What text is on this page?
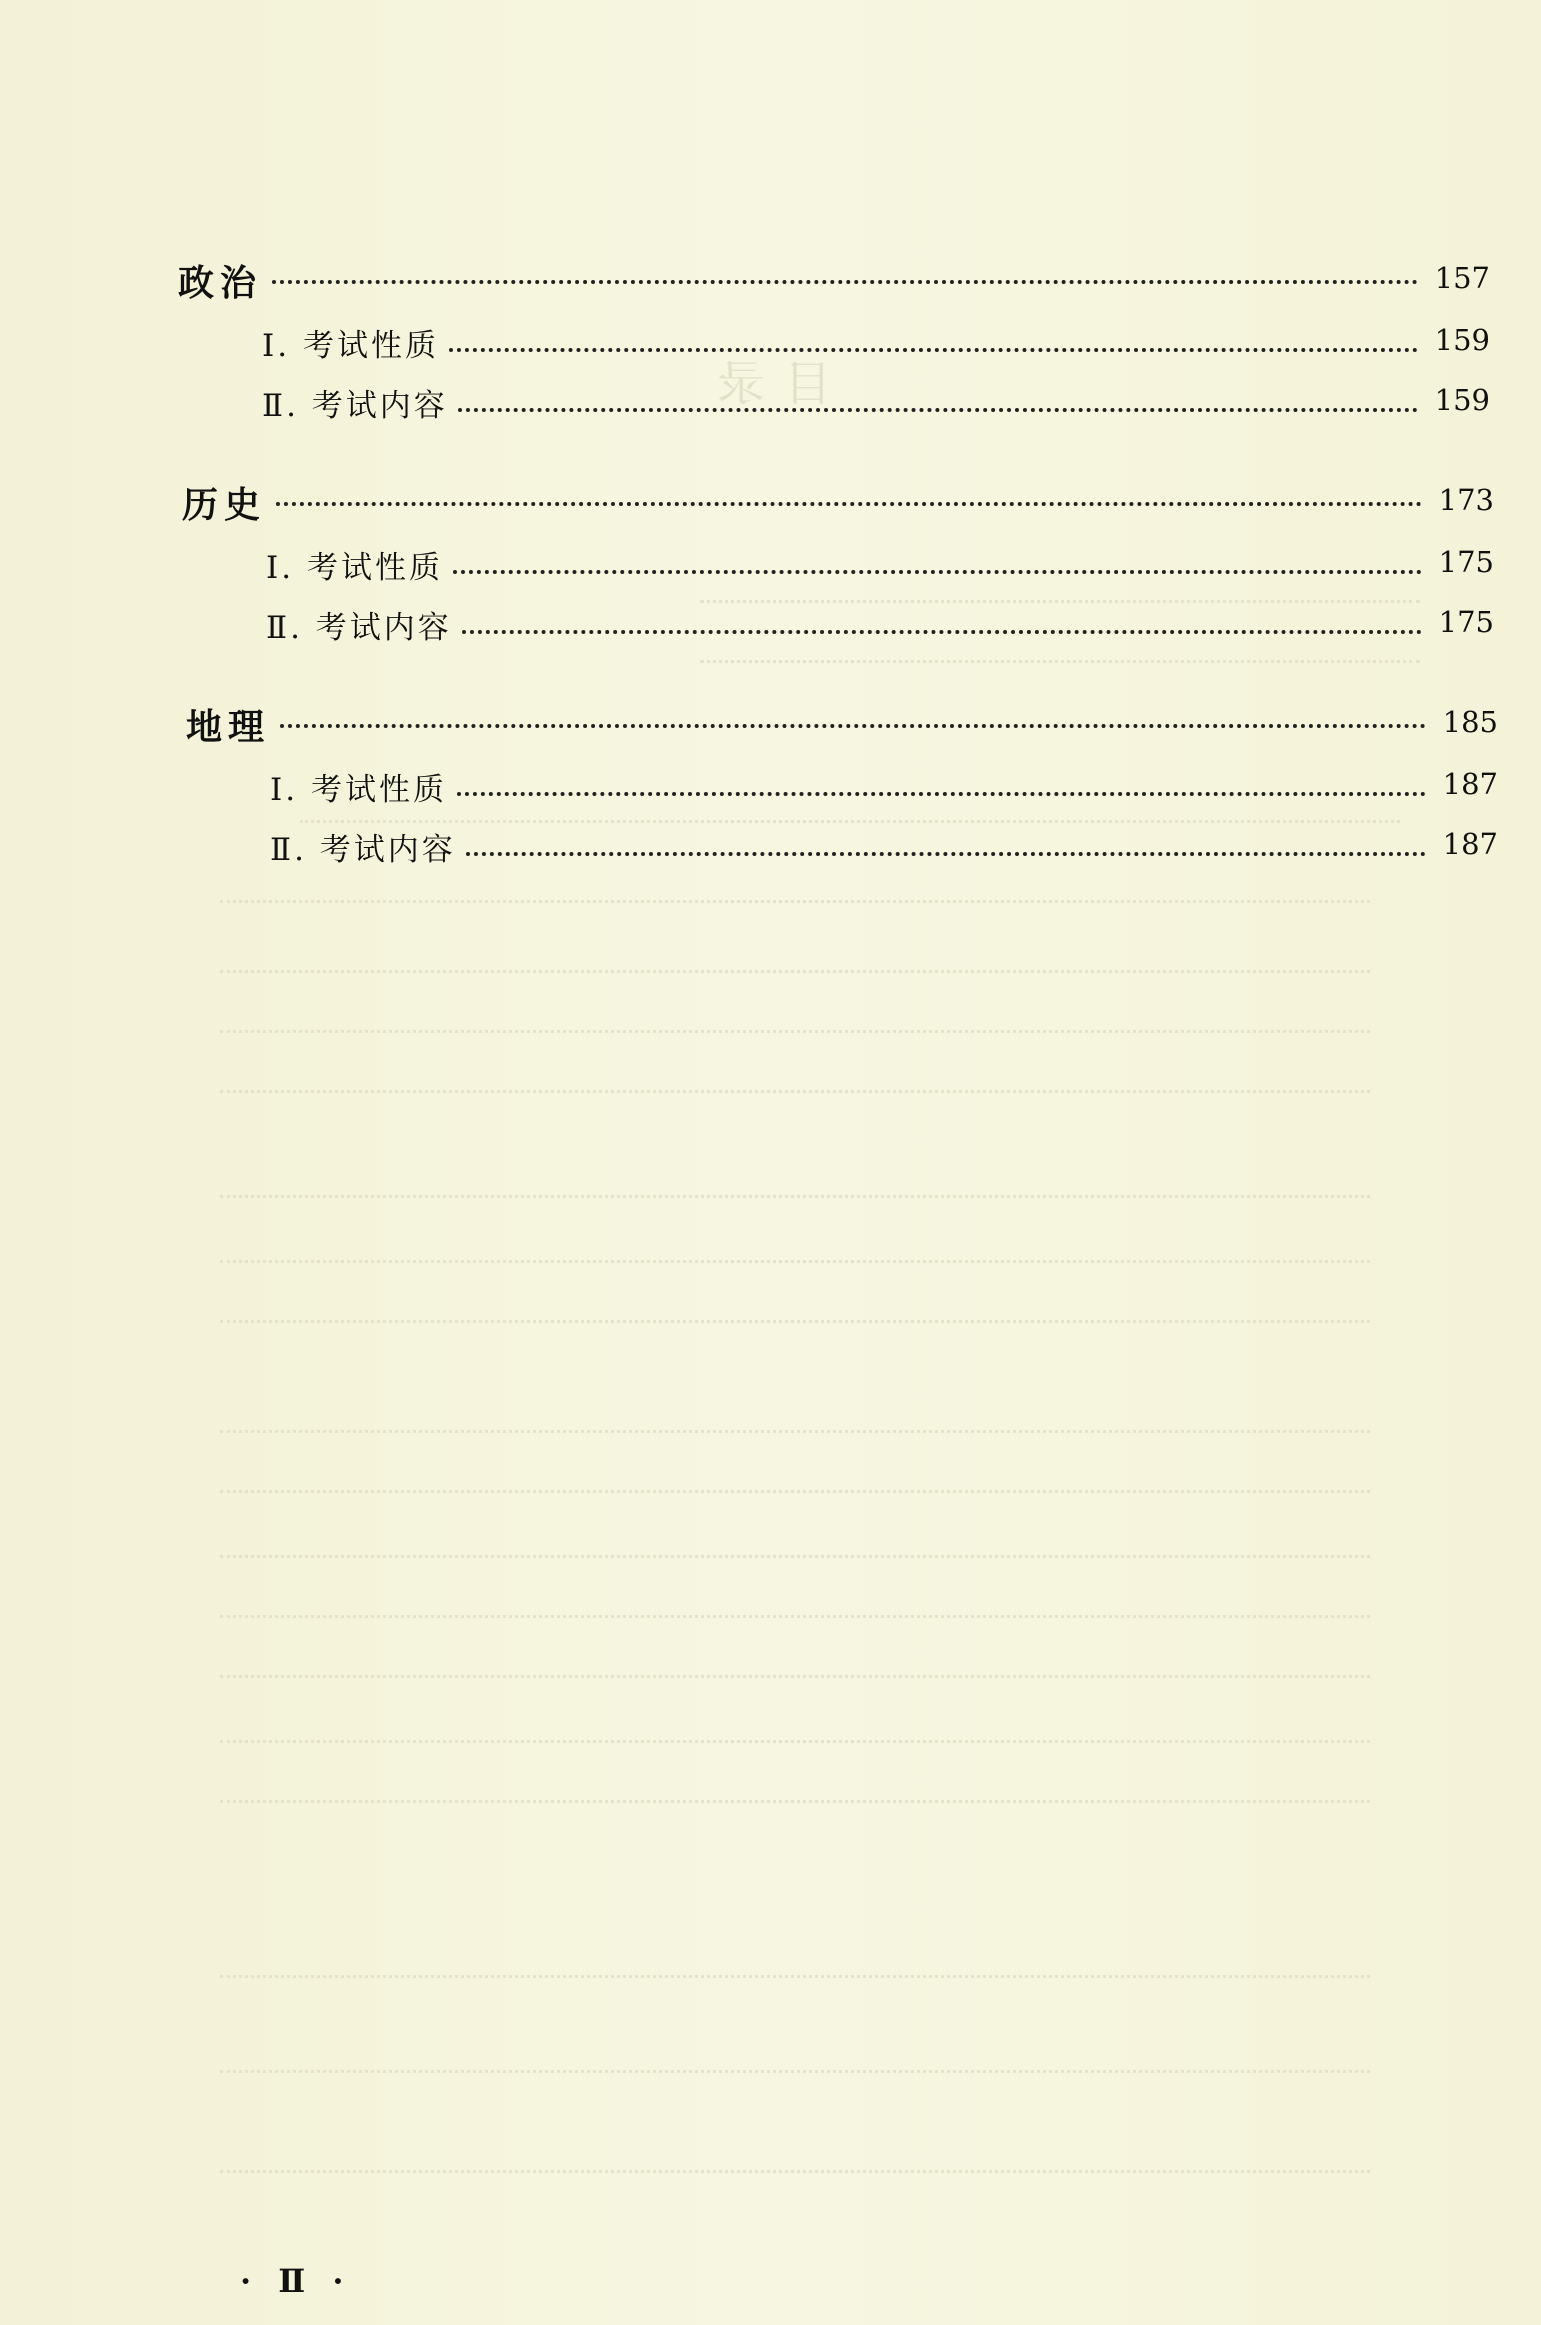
目 录
政治	157
Ⅰ. 考试性质	159
Ⅱ. 考试内容	159
历史	173
Ⅰ. 考试性质	175
Ⅱ. 考试内容	175
地理	185
Ⅰ. 考试性质	187
Ⅱ. 考试内容	187
· Ⅱ ·
